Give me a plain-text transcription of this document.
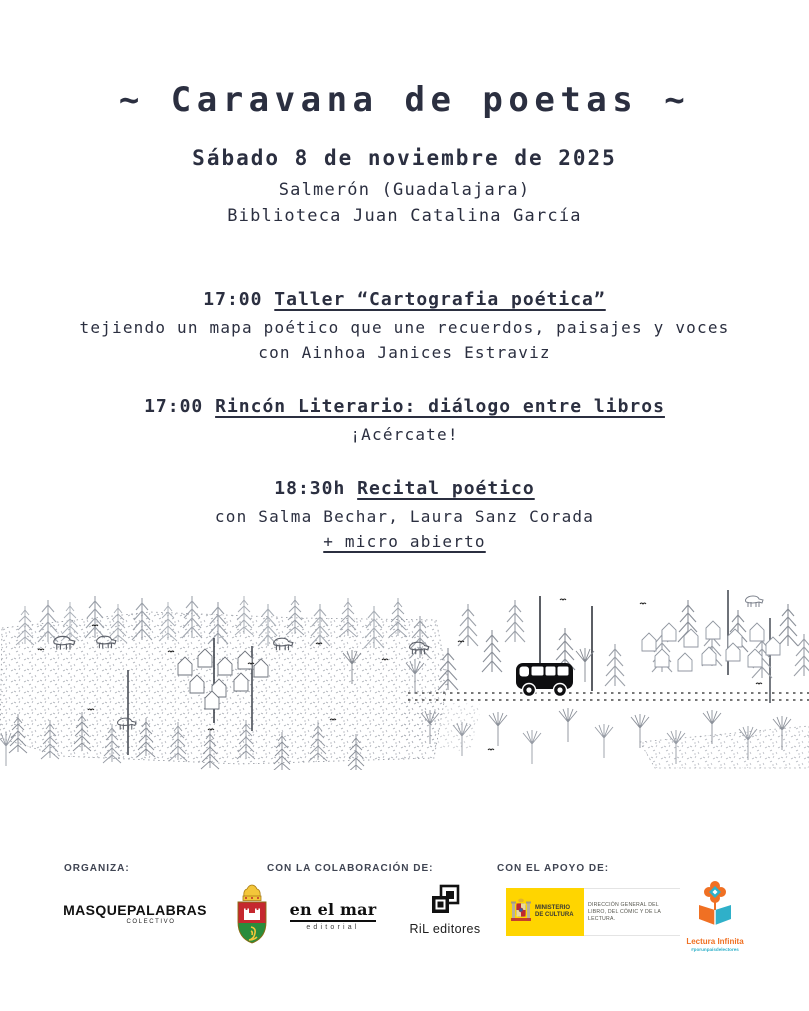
~ Caravana de poetas ~
Sábado 8 de noviembre de 2025
Salmerón (Guadalajara)
Biblioteca Juan Catalina García

17:00 Taller “Cartografia poética”

tejiendo un mapa poético que une recuerdos, paisajes y voces

con Ainhoa Janices Estraviz

17:00 Rincón Literario: diálogo entre libros

¡Acércate!

18:30h Recital poético

con Salma Bechar, Laura Sanz Corada

+ micro abierto

ORGANIZA:	CON LA COLABORACIÓN DE:	CON EL APOYO DE:
MASQUEPALABRAS
COLECTIVO
en el mar
editorial	RiL editores
MINISTERIO
DE CULTURA
DIRECCIÓN GENERAL DEL LIBRO, DEL CÓMIC Y DE LA LECTURA.
Lectura Infinita
#porunpaísdelectores
